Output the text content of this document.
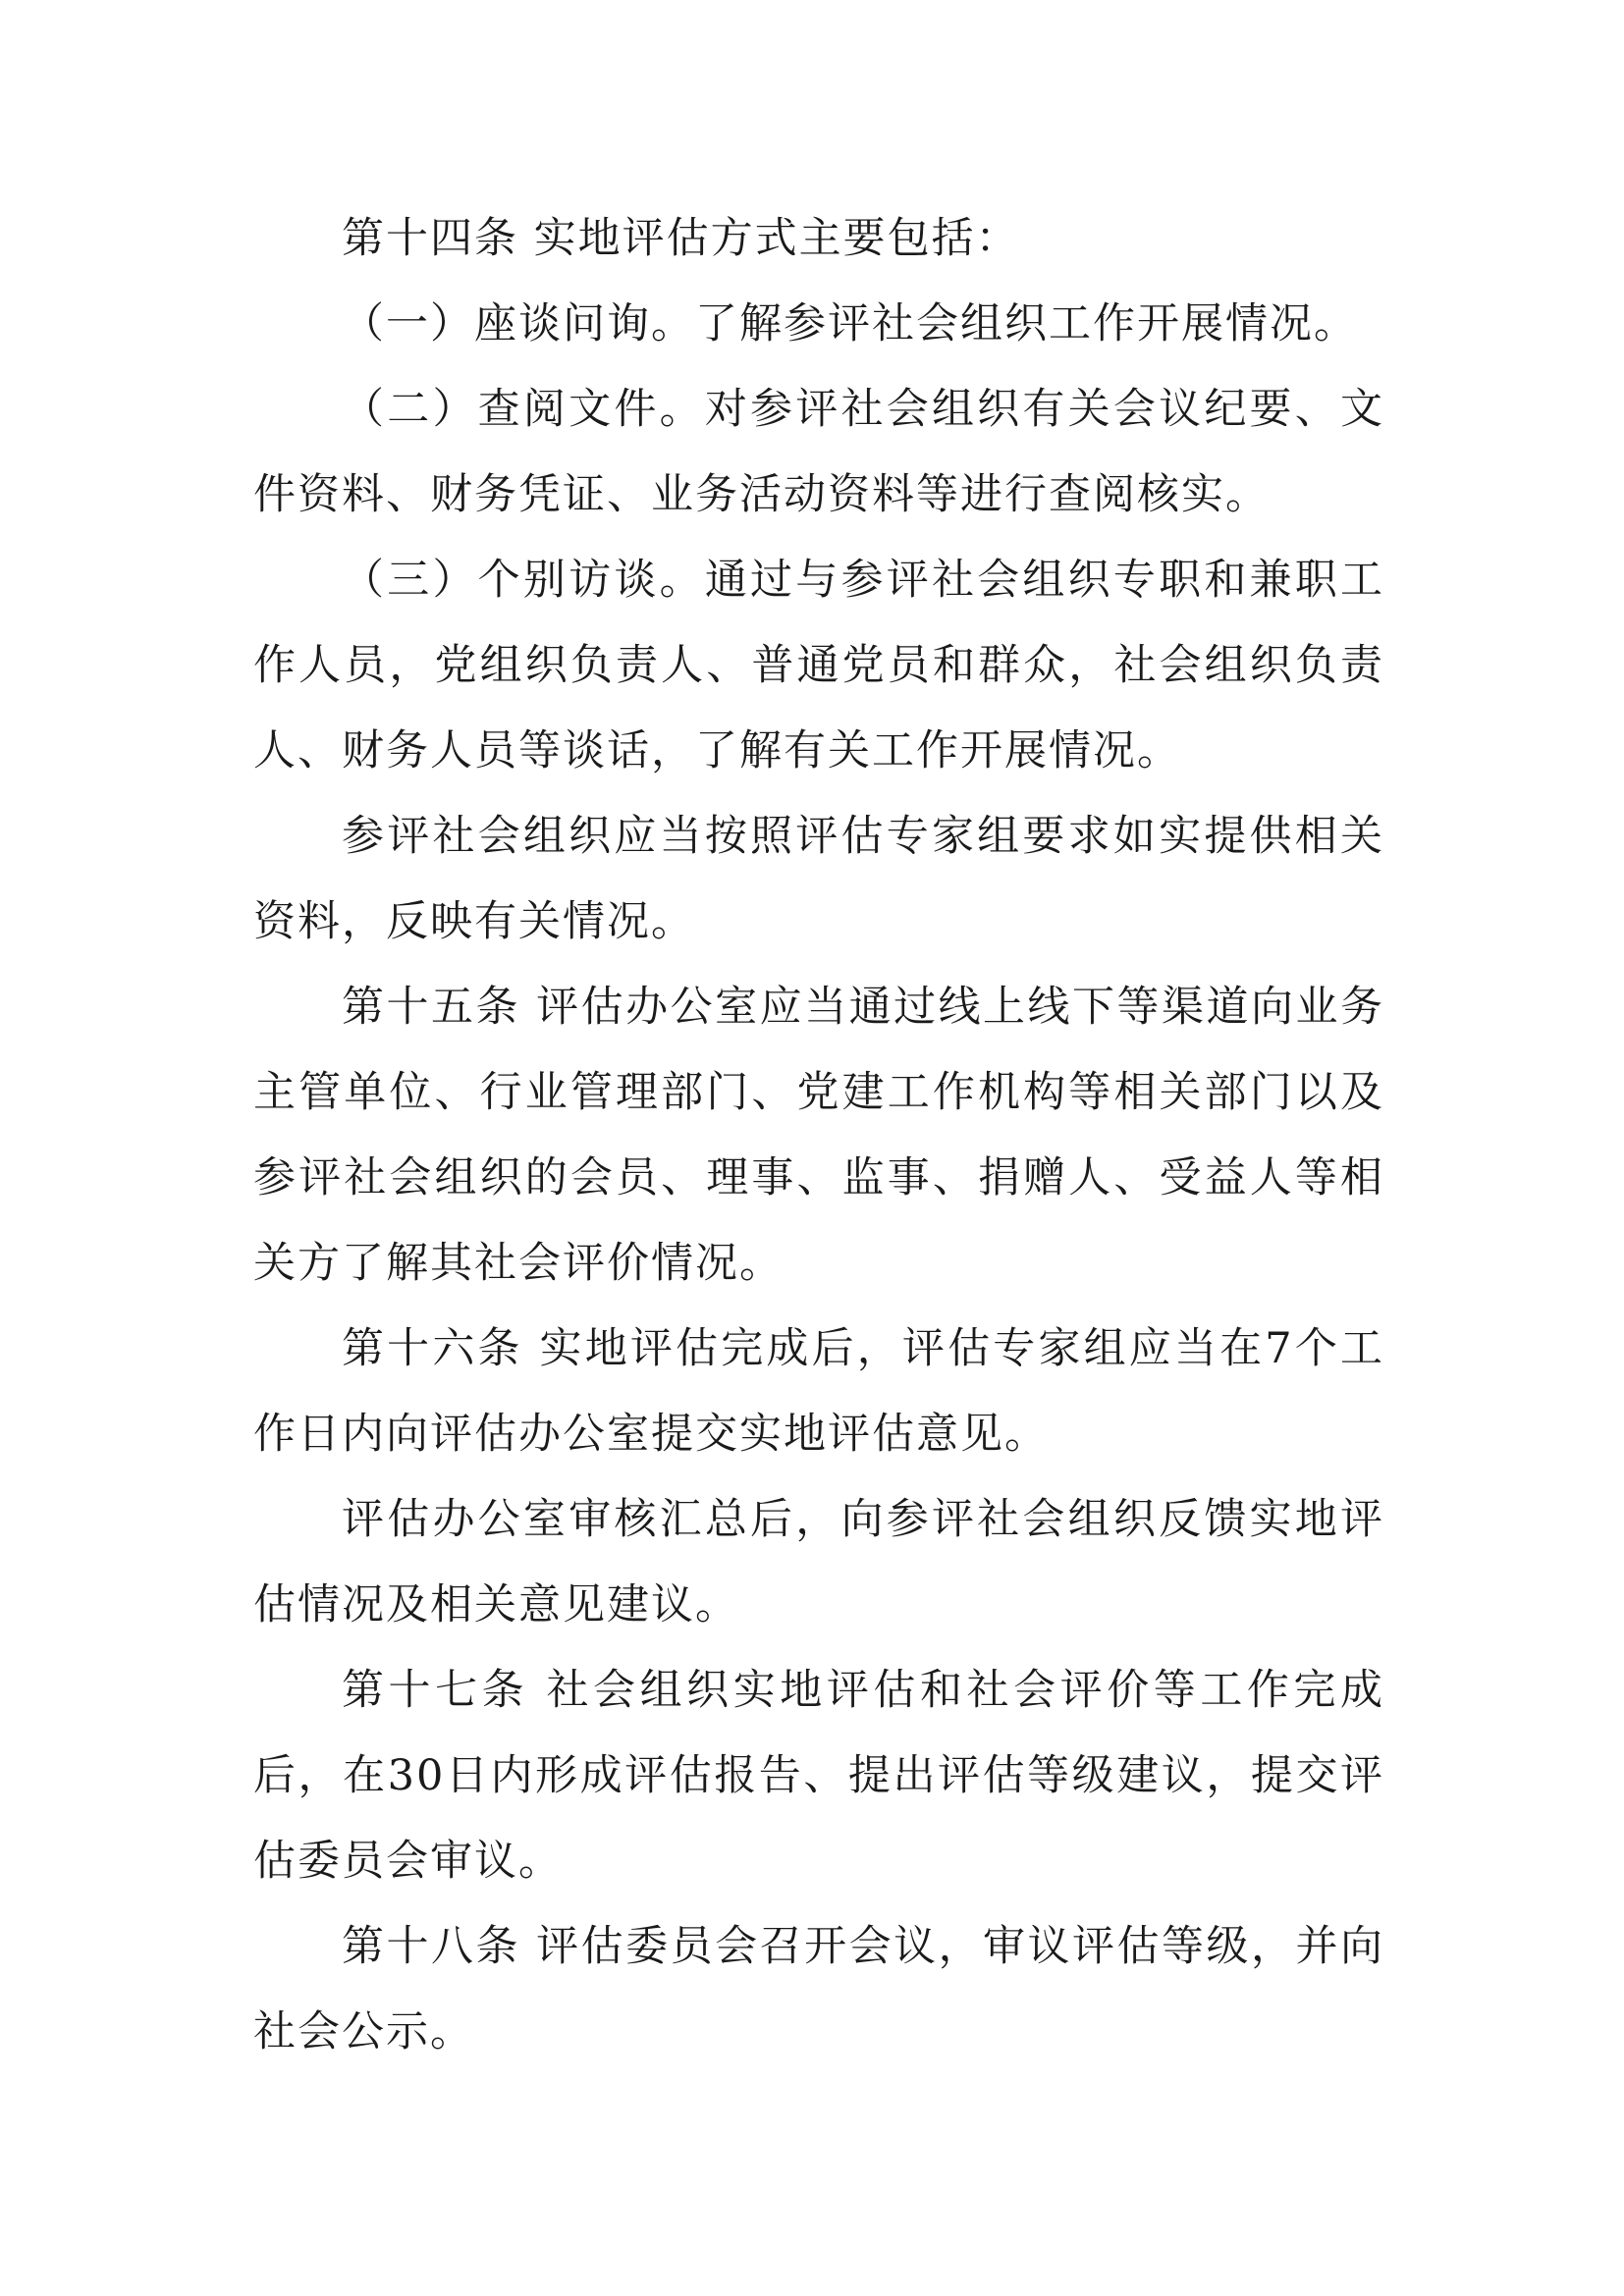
第十四条 实地评估方式主要包括：

（一）座谈问询。了解参评社会组织工作开展情况。

（二）查阅文件。对参评社会组织有关会议纪要、文件资料、财务凭证、业务活动资料等进行查阅核实。

（三）个别访谈。通过与参评社会组织专职和兼职工作人员，党组织负责人、普通党员和群众，社会组织负责人、财务人员等谈话，了解有关工作开展情况。

参评社会组织应当按照评估专家组要求如实提供相关资料，反映有关情况。

第十五条 评估办公室应当通过线上线下等渠道向业务主管单位、行业管理部门、党建工作机构等相关部门以及参评社会组织的会员、理事、监事、捐赠人、受益人等相关方了解其社会评价情况。

第十六条 实地评估完成后，评估专家组应当在7个工作日内向评估办公室提交实地评估意见。

评估办公室审核汇总后，向参评社会组织反馈实地评估情况及相关意见建议。

第十七条 社会组织实地评估和社会评价等工作完成后，在30日内形成评估报告、提出评估等级建议，提交评估委员会审议。

第十八条 评估委员会召开会议，审议评估等级，并向社会公示。
